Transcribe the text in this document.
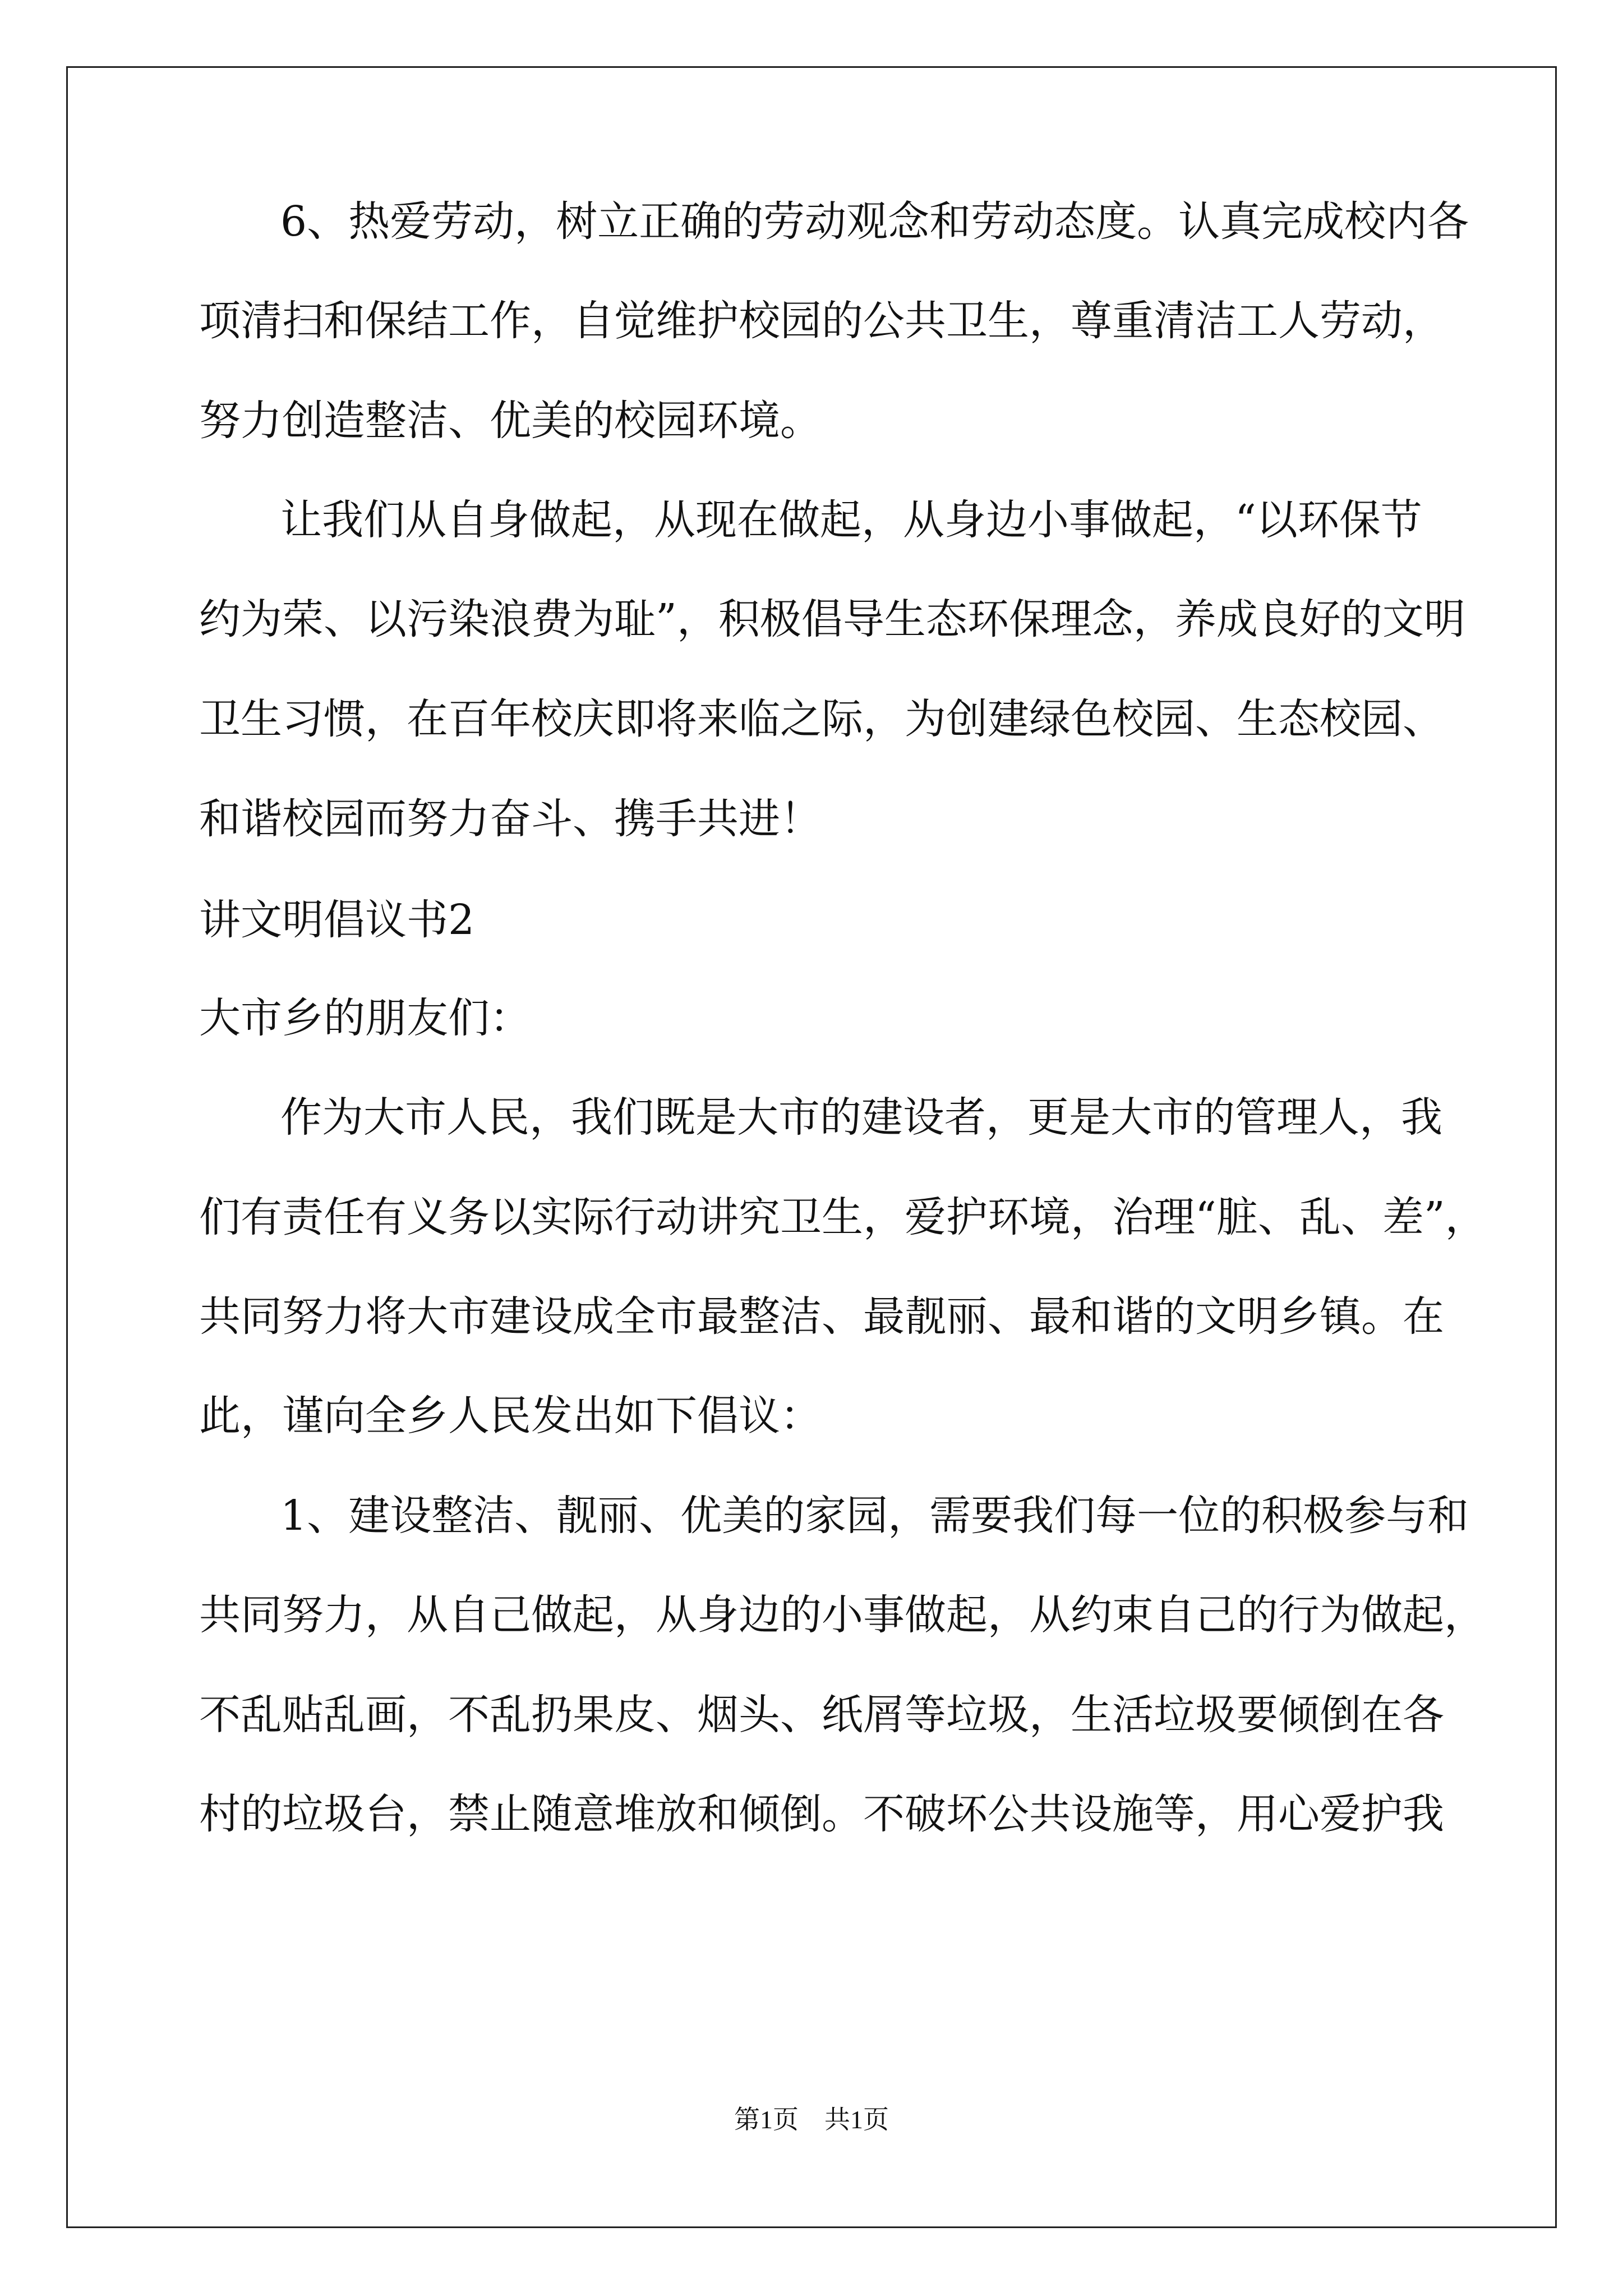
6、热爱劳动，树立正确的劳动观念和劳动态度。认真完成校内各

项清扫和保结工作，自觉维护校园的公共卫生，尊重清洁工人劳动，

努力创造整洁、优美的校园环境。

让我们从自身做起，从现在做起，从身边小事做起，“以环保节

约为荣、以污染浪费为耻”，积极倡导生态环保理念，养成良好的文明

卫生习惯，在百年校庆即将来临之际，为创建绿色校园、生态校园、

和谐校园而努力奋斗、携手共进！

讲文明倡议书2

大市乡的朋友们：

作为大市人民，我们既是大市的建设者，更是大市的管理人，我

们有责任有义务以实际行动讲究卫生，爱护环境，治理“脏、乱、差”，

共同努力将大市建设成全市最整洁、最靓丽、最和谐的文明乡镇。在

此，谨向全乡人民发出如下倡议：

1、建设整洁、靓丽、优美的家园，需要我们每一位的积极参与和

共同努力，从自己做起，从身边的小事做起，从约束自己的行为做起，

不乱贴乱画，不乱扔果皮、烟头、纸屑等垃圾，生活垃圾要倾倒在各

村的垃圾台，禁止随意堆放和倾倒。不破坏公共设施等，用心爱护我

第1页　共1页
